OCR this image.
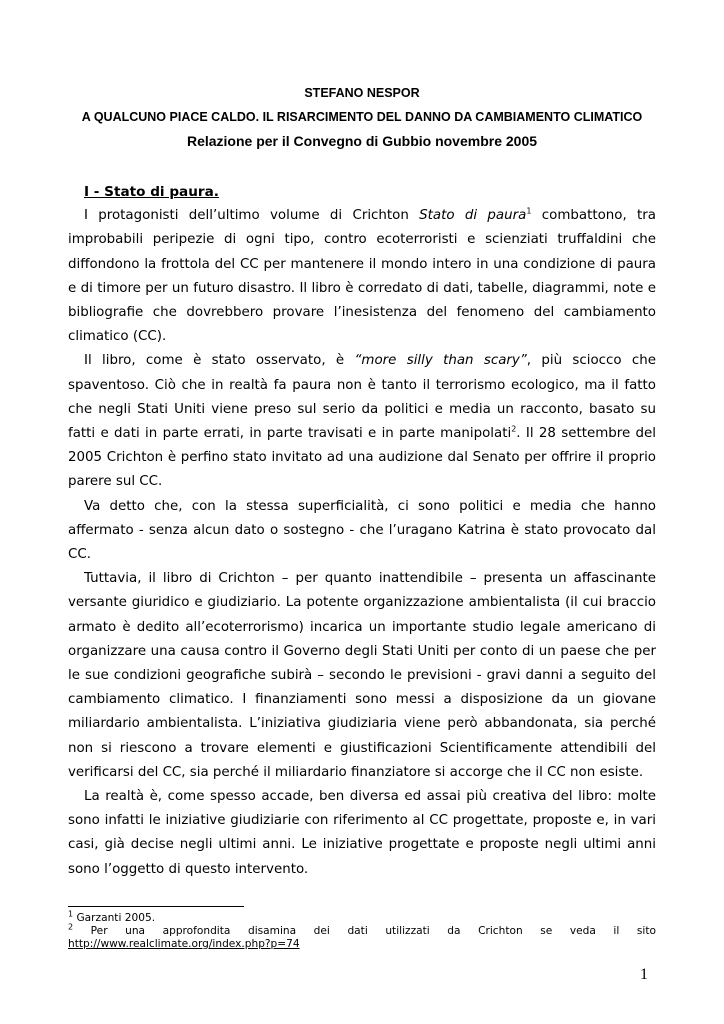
STEFANO NESPOR
A QUALCUNO PIACE CALDO. IL RISARCIMENTO DEL DANNO DA CAMBIAMENTO CLIMATICO
Relazione per il Convegno di Gubbio novembre 2005
I - Stato di paura.

I protagonisti dell’ultimo volume di Crichton Stato di paura$^1$ combattono, tra improbabili peripezie di ogni tipo, contro ecoterroristi e scienziati truffaldini che diffondono la frottola del CC per mantenere il mondo intero in una condizione di paura e di timore per un futuro disastro. Il libro è corredato di dati, tabelle, diagrammi, note e bibliografie che dovrebbero provare l’inesistenza del fenomeno del cambiamento climatico (CC).

Il libro, come è stato osservato, è “more silly than scary”, più sciocco che spaventoso. Ciò che in realtà fa paura non è tanto il terrorismo ecologico, ma il fatto che negli Stati Uniti viene preso sul serio da politici e media un racconto, basato su fatti e dati in parte errati, in parte travisati e in parte manipolati$^2$. Il 28 settembre del 2005 Crichton è perfino stato invitato ad una audizione dal Senato per offrire il proprio parere sul CC.

Va detto che, con la stessa superficialità, ci sono politici e media che hanno affermato - senza alcun dato o sostegno - che l’uragano Katrina è stato provocato dal CC.

Tuttavia, il libro di Crichton – per quanto inattendibile – presenta un affascinante versante giuridico e giudiziario. La potente organizzazione ambientalista (il cui braccio armato è dedito all’ecoterrorismo) incarica un importante studio legale americano di organizzare una causa contro il Governo degli Stati Uniti per conto di un paese che per le sue condizioni geografiche subirà – secondo le previsioni - gravi danni a seguito del cambiamento climatico. I finanziamenti sono messi a disposizione da un giovane miliardario ambientalista. L’iniziativa giudiziaria viene però abbandonata, sia perché non si riescono a trovare elementi e giustificazioni Scientificamente attendibili del verificarsi del CC, sia perché il miliardario finanziatore si accorge che il CC non esiste.

La realtà è, come spesso accade, ben diversa ed assai più creativa del libro: molte sono infatti le iniziative giudiziarie con riferimento al CC progettate, proposte e, in vari casi, già decise negli ultimi anni. Le iniziative progettate e proposte negli ultimi anni sono l’oggetto di questo intervento.

$^1$ Garzanti 2005.

$^2$ Per una approfondita disamina dei dati utilizzati da Crichton se veda il sito http://www.realclimate.org/index.php?p=74

1
